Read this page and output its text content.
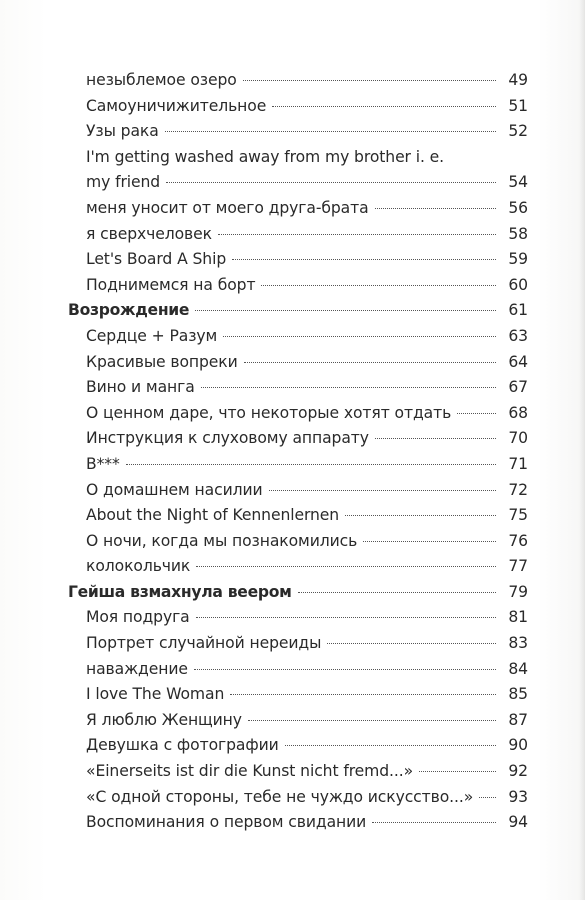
незыблемое озеро	49
Самоуничижительное	51
Узы рака	52
I'm getting washed away from my brother i. e.
my friend	54
меня уносит от моего друга-брата	56
я сверхчеловек	58
Let's Board A Ship	59
Поднимемся на борт	60
Возрождение	61
Сердце + Разум	63
Красивые вопреки	64
Вино и манга	67
О ценном даре, что некоторые хотят отдать	68
Инструкция к слуховому аппарату	70
В***	71
О домашнем насилии	72
About the Night of Kennenlernen	75
О ночи, когда мы познакомились	76
колокольчик	77
Гейша взмахнула веером	79
Моя подруга	81
Портрет случайной нереиды	83
наваждение	84
I love The Woman	85
Я люблю Женщину	87
Девушка с фотографии	90
«Einerseits ist dir die Kunst nicht fremd...»	92
«С одной стороны, тебе не чуждо искусство...» 93
Воспоминания о первом свидании	94
